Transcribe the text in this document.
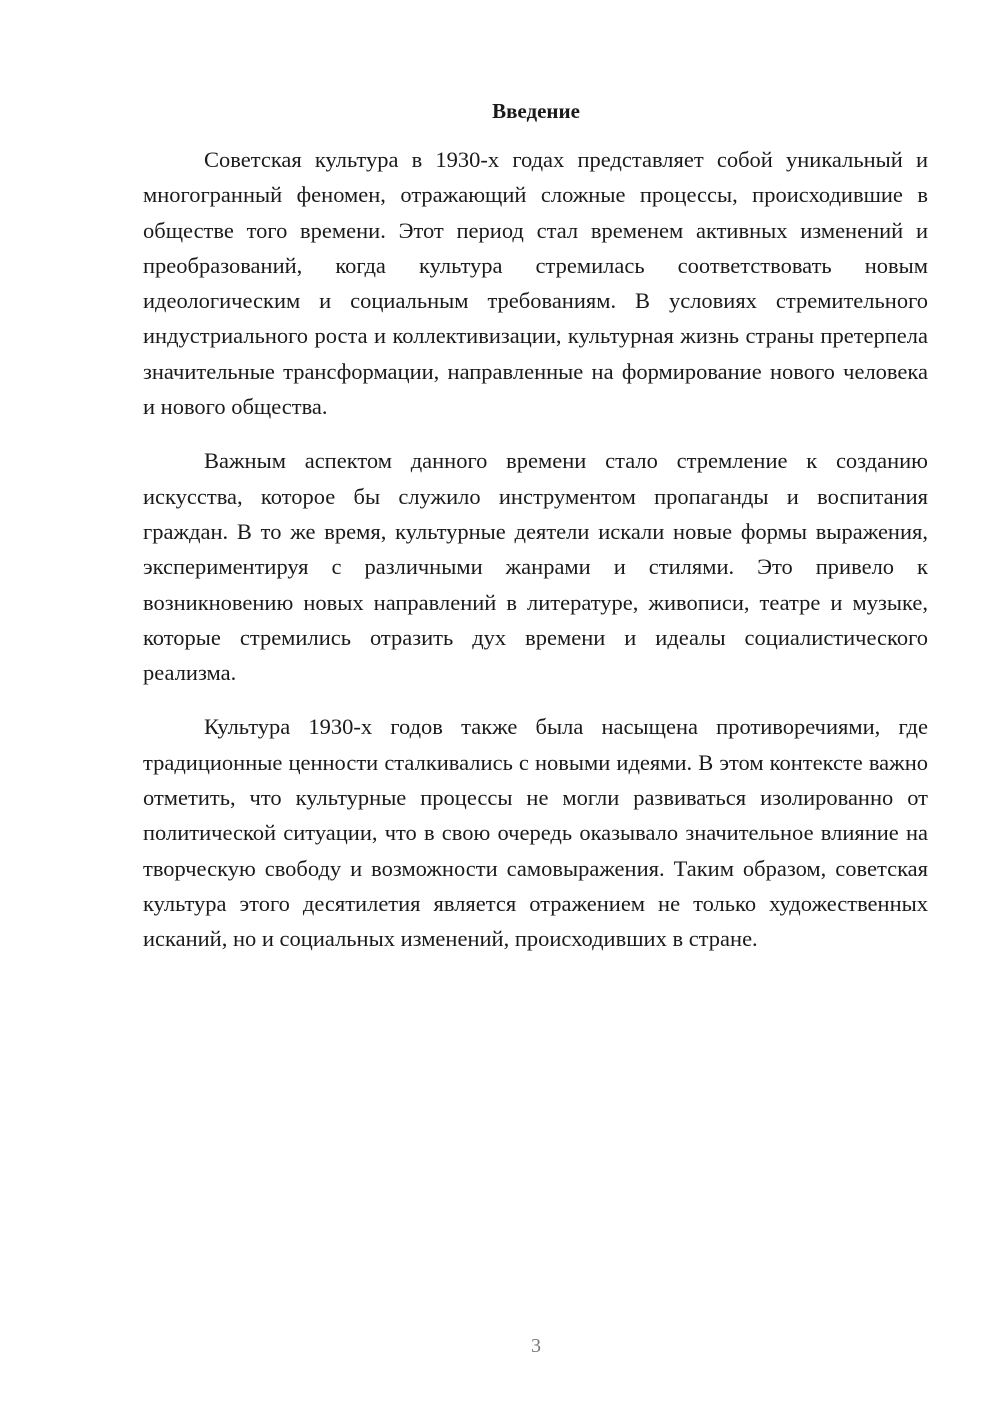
Введение

Советская культура в 1930-х годах представляет собой уникальный и многогранный феномен, отражающий сложные процессы, происходившие в обществе того времени. Этот период стал временем активных изменений и преобразований, когда культура стремилась соответствовать новым идеологическим и социальным требованиям. В условиях стремительного индустриального роста и коллективизации, культурная жизнь страны претерпела значительные трансформации, направленные на формирование нового человека и нового общества.

Важным аспектом данного времени стало стремление к созданию искусства, которое бы служило инструментом пропаганды и воспитания граждан. В то же время, культурные деятели искали новые формы выражения, экспериментируя с различными жанрами и стилями. Это привело к возникновению новых направлений в литературе, живописи, театре и музыке, которые стремились отразить дух времени и идеалы социалистического реализма.

Культура 1930-х годов также была насыщена противоречиями, где традиционные ценности сталкивались с новыми идеями. В этом контексте важно отметить, что культурные процессы не могли развиваться изолированно от политической ситуации, что в свою очередь оказывало значительное влияние на творческую свободу и возможности самовыражения. Таким образом, советская культура этого десятилетия является отражением не только художественных исканий, но и социальных изменений, происходивших в стране.

3
